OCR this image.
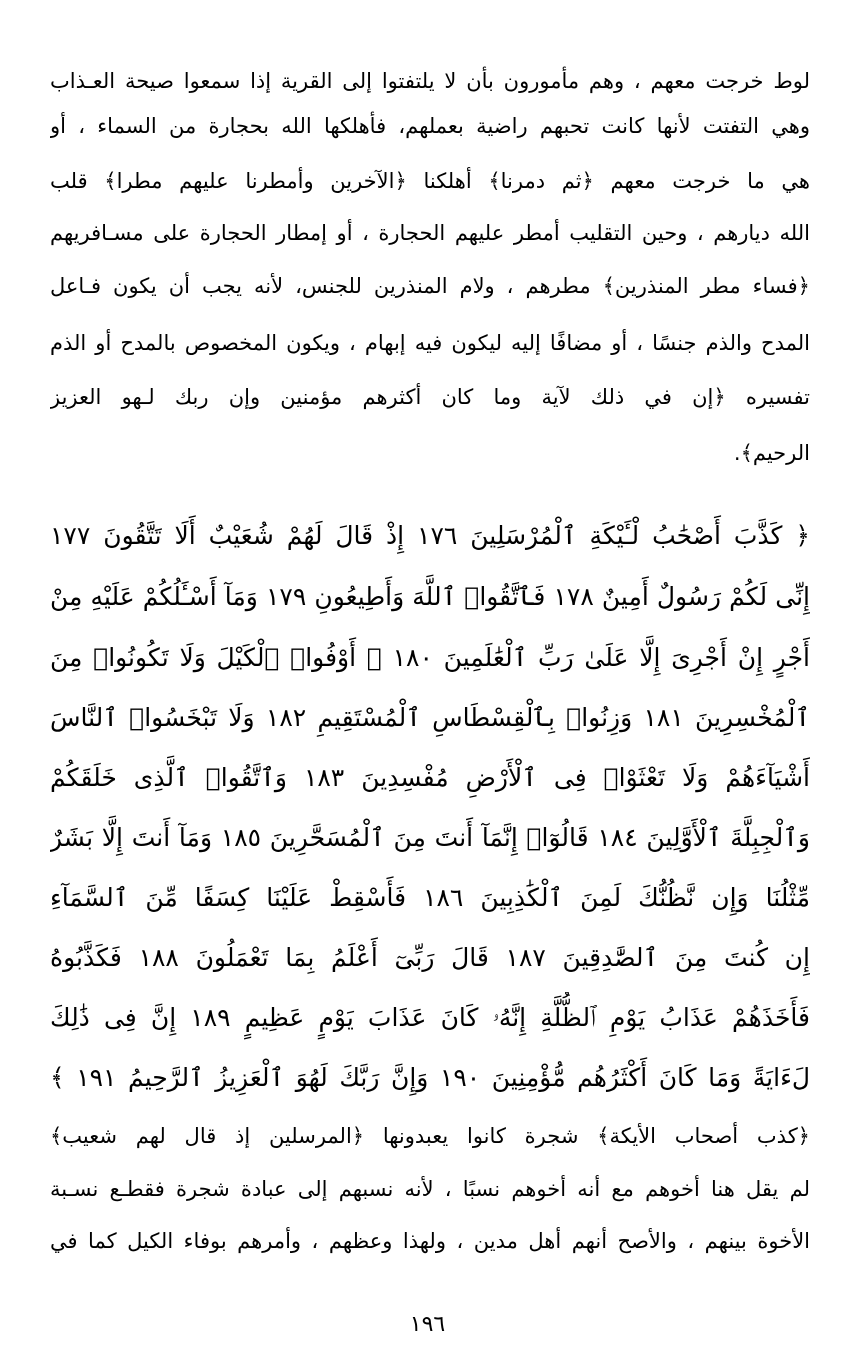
لوط خرجت معهم ، وهم مأمورون بأن لا يلتفتوا إلى القرية إذا سمعوا صيحة العـذاب
وهي التفتت لأنها كانت تحبهم راضية بعملهم، فأهلكها الله بحجارة من السماء ، أو
هي ما خرجت معهم ﴿ثم دمرنا﴾ أهلكنا ﴿الآخرين وأمطرنا عليهم مطرا﴾ قلب
الله ديارهم ، وحين التقليب أمطر عليهم الحجارة ، أو إمطار الحجارة على مسـافريهم
﴿فساء مطر المنذرين﴾ مطرهم ، ولام المنذرين للجنس، لأنه يجب أن يكون فـاعل
المدح والذم جنسًا ، أو مضافًا إليه ليكون فيه إبهام ، ويكون المخصوص بالمدح أو الذم
تفسيره ﴿إن في ذلك لآية وما كان أكثرهم مؤمنين وإن ربك لـهو العزيز
الرحيم﴾.
﴿ كَذَّبَ أَصْحَٰبُ لْـَٔيْكَةِ ٱلْمُرْسَلِينَ ١٧٦ إِذْ قَالَ لَهُمْ شُعَيْبٌ أَلَا تَتَّقُونَ ١٧٧
إِنِّى لَكُمْ رَسُولٌ أَمِينٌ ١٧٨ فَٱتَّقُوا۟ ٱللَّهَ وَأَطِيعُونِ ١٧٩ وَمَآ أَسْـَٔلُكُمْ عَلَيْهِ مِنْ
أَجْرٍ إِنْ أَجْرِىَ إِلَّا عَلَىٰ رَبِّ ٱلْعَٰلَمِينَ ١٨٠ ۞ أَوْفُوا۟ ٱلْكَيْلَ وَلَا تَكُونُوا۟ مِنَ
ٱلْمُخْسِرِينَ ١٨١ وَزِنُوا۟ بِٱلْقِسْطَاسِ ٱلْمُسْتَقِيمِ ١٨٢ وَلَا تَبْخَسُوا۟ ٱلنَّاسَ
أَشْيَآءَهُمْ وَلَا تَعْثَوْا۟ فِى ٱلْأَرْضِ مُفْسِدِينَ ١٨٣ وَٱتَّقُوا۟ ٱلَّذِى خَلَقَكُمْ
وَٱلْجِبِلَّةَ ٱلْأَوَّلِينَ ١٨٤ قَالُوٓا۟ إِنَّمَآ أَنتَ مِنَ ٱلْمُسَحَّرِينَ ١٨٥ وَمَآ أَنتَ إِلَّا بَشَرٌ
مِّثْلُنَا وَإِن نَّظُنُّكَ لَمِنَ ٱلْكَٰذِبِينَ ١٨٦ فَأَسْقِطْ عَلَيْنَا كِسَفًا مِّنَ ٱلسَّمَآءِ
إِن كُنتَ مِنَ ٱلصَّٰدِقِينَ ١٨٧ قَالَ رَبِّىٓ أَعْلَمُ بِمَا تَعْمَلُونَ ١٨٨ فَكَذَّبُوهُ
فَأَخَذَهُمْ عَذَابُ يَوْمِ ٱلظُّلَّةِ إِنَّهُۥ كَانَ عَذَابَ يَوْمٍ عَظِيمٍ ١٨٩ إِنَّ فِى ذَٰلِكَ
لَءَايَةً وَمَا كَانَ أَكْثَرُهُم مُّؤْمِنِينَ ١٩٠ وَإِنَّ رَبَّكَ لَهُوَ ٱلْعَزِيزُ ٱلرَّحِيمُ ١٩١ ﴾
﴿كذب أصحاب الأيكة﴾ شجرة كانوا يعبدونها ﴿المرسلين إذ قال لهم شعيب﴾
لم يقل هنا أخوهم مع أنه أخوهم نسبًا ، لأنه نسبهم إلى عبادة شجرة فقطـع نسـبة
الأخوة بينهم ، والأصح أنهم أهل مدين ، ولهذا وعظهم ، وأمرهم بوفاء الكيل كما في
١٩٦
